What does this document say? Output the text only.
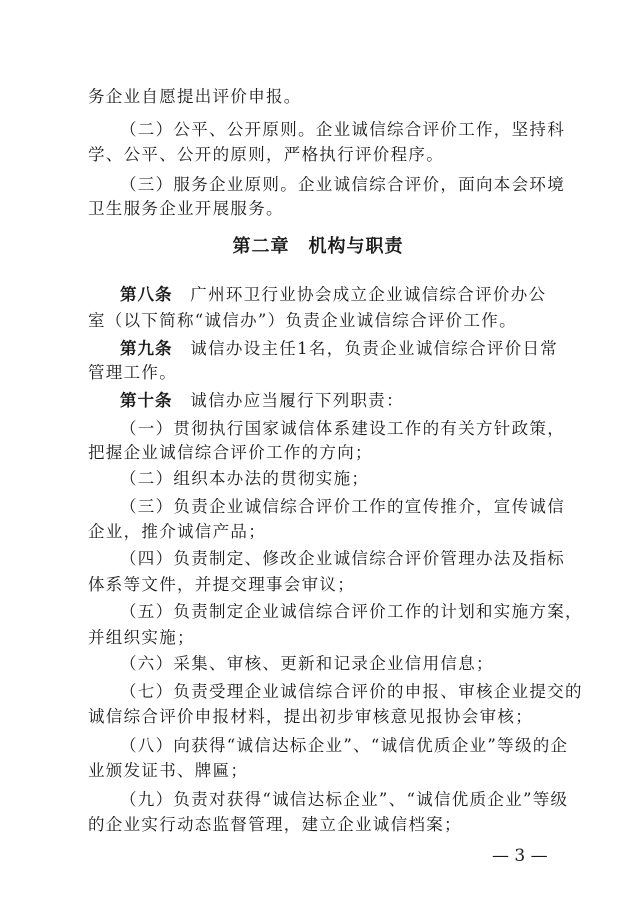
务企业自愿提出评价申报。
（二）公平、公开原则。企业诚信综合评价工作，坚持科
学、公平、公开的原则，严格执行评价程序。
（三）服务企业原则。企业诚信综合评价，面向本会环境
卫生服务企业开展服务。
第二章　机构与职责
第八条　广州环卫行业协会成立企业诚信综合评价办公
室（以下简称“诚信办”）负责企业诚信综合评价工作。
第九条　诚信办设主任1名，负责企业诚信综合评价日常
管理工作。
第十条　诚信办应当履行下列职责：
（一）贯彻执行国家诚信体系建设工作的有关方针政策，
把握企业诚信综合评价工作的方向；
（二）组织本办法的贯彻实施；
（三）负责企业诚信综合评价工作的宣传推介，宣传诚信
企业，推介诚信产品；
（四）负责制定、修改企业诚信综合评价管理办法及指标
体系等文件，并提交理事会审议；
（五）负责制定企业诚信综合评价工作的计划和实施方案，
并组织实施；
（六）采集、审核、更新和记录企业信用信息；
（七）负责受理企业诚信综合评价的申报、审核企业提交的
诚信综合评价申报材料，提出初步审核意见报协会审核；
（八）向获得“诚信达标企业”、“诚信优质企业”等级的企
业颁发证书、牌匾；
（九）负责对获得“诚信达标企业”、“诚信优质企业”等级
的企业实行动态监督管理，建立企业诚信档案；
— 3 —
